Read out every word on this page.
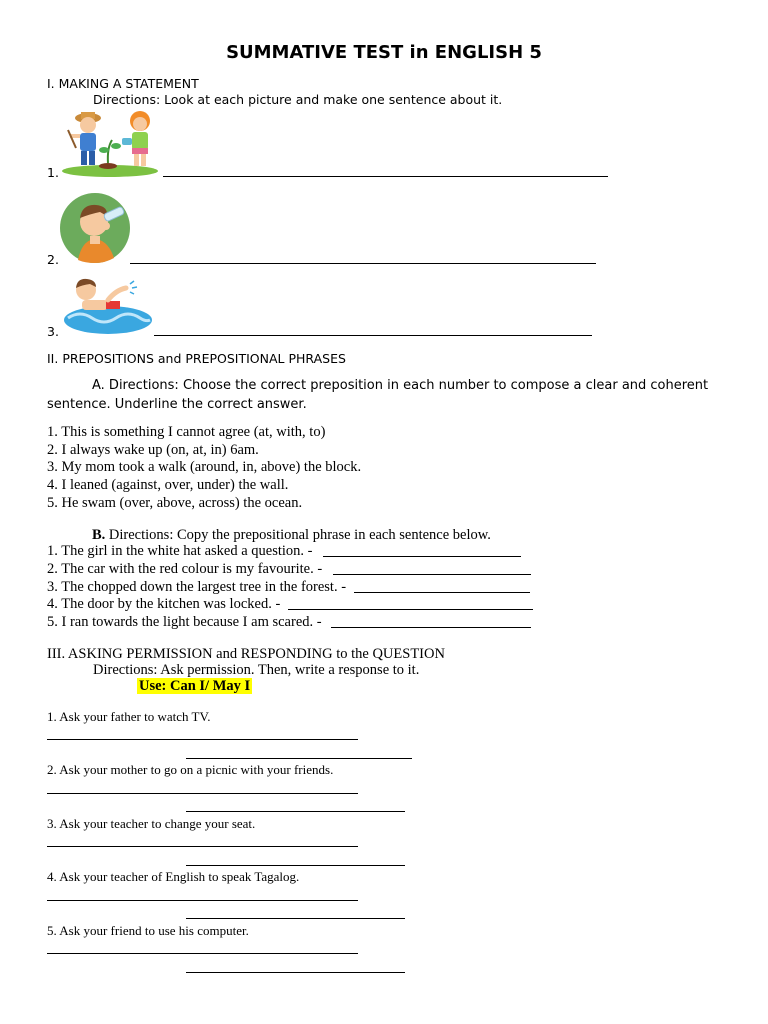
SUMMATIVE TEST in ENGLISH 5
I. MAKING A STATEMENT
Directions: Look at each picture and make one sentence about it.
1.
2.
3.
II. PREPOSITIONS and PREPOSITIONAL PHRASES
A. Directions: Choose the correct preposition in each number to compose a clear and coherent
sentence. Underline the correct answer.
1. This is something I cannot agree (at, with, to)
2. I always wake up (on, at, in) 6am.
3. My mom took a walk (around, in, above) the block.
4. I leaned (against, over, under) the wall.
5. He swam (over, above, across) the ocean.
B. Directions: Copy the prepositional phrase in each sentence below.
1. The girl in the white hat asked a question. -
2. The car with the red colour is my favourite. -
3. The chopped down the largest tree in the forest. -
4. The door by the kitchen was locked. -
5. I ran towards the light because I am scared. -
III. ASKING PERMISSION and RESPONDING to the QUESTION
Directions: Ask permission. Then, write a response to it.
Use: Can I/ May I
1. Ask your father to watch TV.
2. Ask your mother to go on a picnic with your friends.
3. Ask your teacher to change your seat.
4. Ask your teacher of English to speak Tagalog.
5. Ask your friend to use his computer.
